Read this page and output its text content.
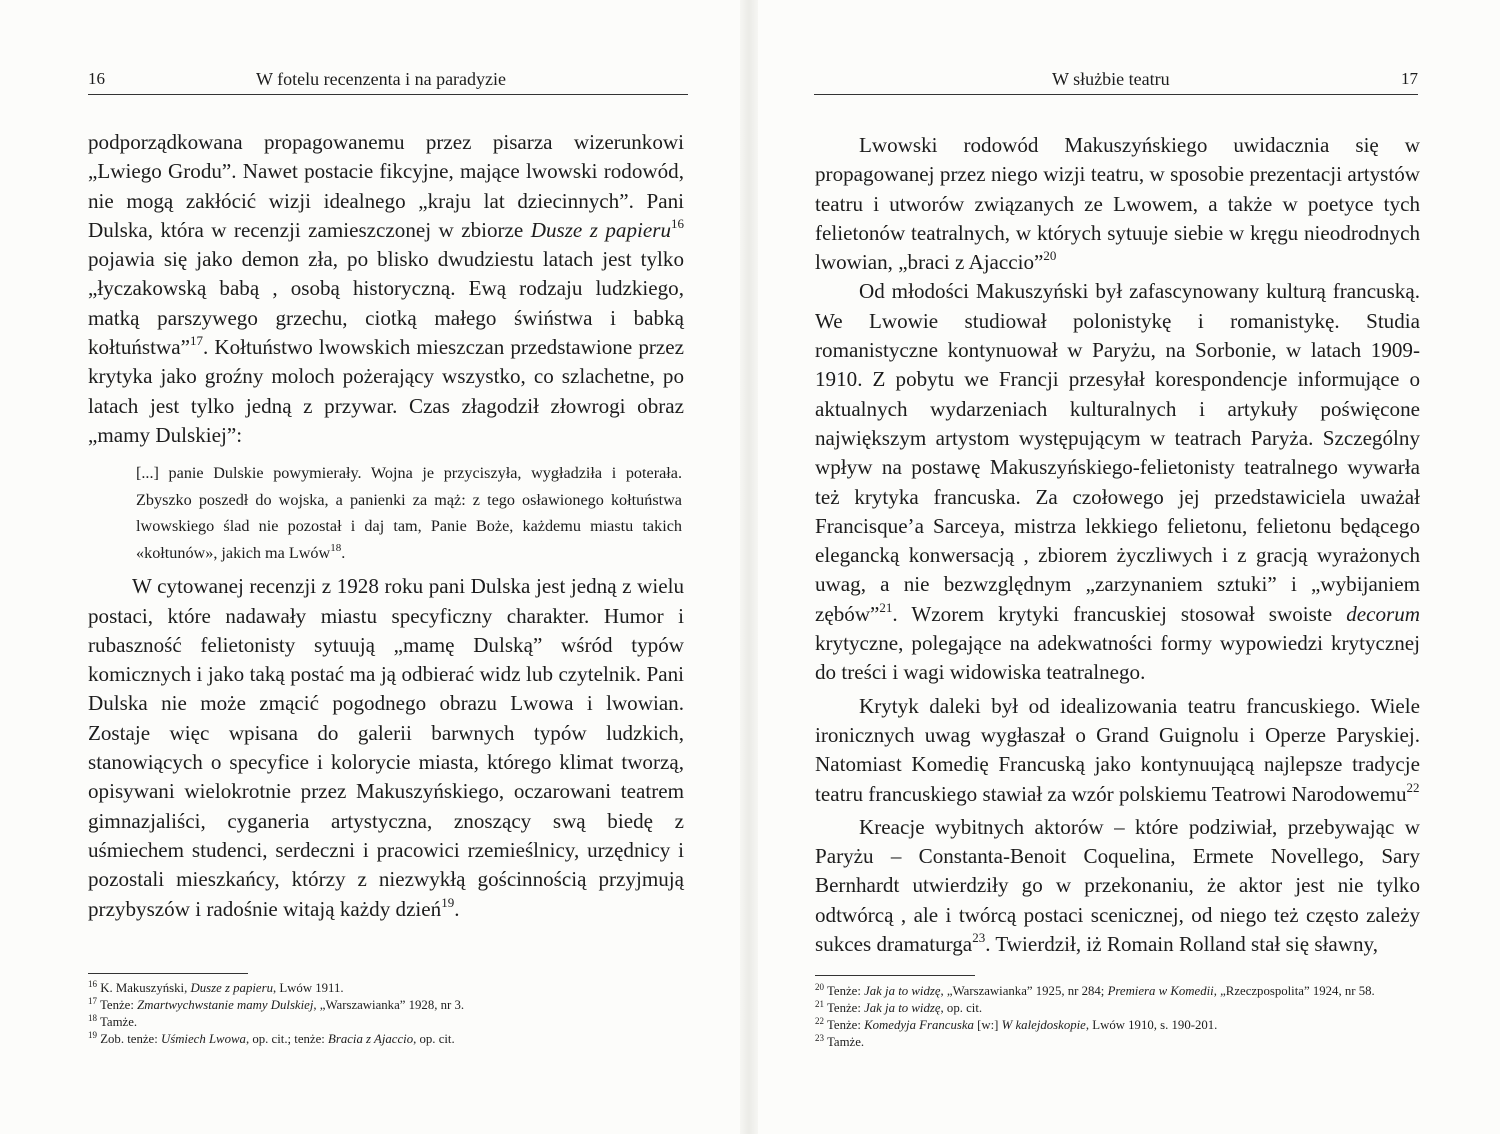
16	W fotelu recenzenta i na paradyzie

podporządkowana propagowanemu przez pisarza wizerunkowi „Lwiego Grodu”. Nawet postacie fikcyjne, mające lwowski rodowód, nie mogą zakłócić wizji idealnego „kraju lat dziecinnych”. Pani Dulska, która w recenzji zamieszczonej w zbiorze Dusze z papieru$^{16}$ pojawia się jako demon zła, po blisko dwudziestu latach jest tylko „łyczakowską babą , osobą historyczną. Ewą rodzaju ludzkiego, matką parszywego grzechu, ciotką małego świństwa i babką kołtuństwa”$^{17}$. Kołtuństwo lwowskich mieszczan przedstawione przez krytyka jako groźny moloch pożerający wszystko, co szlachetne, po latach jest tylko jedną z przywar. Czas złagodził złowrogi obraz „mamy Dulskiej”:

[...] panie Dulskie powymierały. Wojna je przyciszyła, wygładziła i poterała. Zbyszko poszedł do wojska, a panienki za mąż: z tego osławionego kołtuństwa lwowskiego ślad nie pozostał i daj tam, Panie Boże, każdemu miastu takich «kołtunów», jakich ma Lwów$^{18}$.

W cytowanej recenzji z 1928 roku pani Dulska jest jedną z wielu postaci, które nadawały miastu specyficzny charakter. Humor i rubaszność felietonisty sytuują „mamę Dulską” wśród typów komicznych i jako taką postać ma ją odbierać widz lub czytelnik. Pani Dulska nie może zmącić pogodnego obrazu Lwowa i lwowian. Zostaje więc wpisana do galerii barwnych typów ludzkich, stanowiących o specyfice i kolorycie miasta, którego klimat tworzą, opisywani wielokrotnie przez Makuszyńskiego, oczarowani teatrem gimnazjaliści, cyganeria artystyczna, znoszący swą biedę z uśmiechem studenci, serdeczni i pracowici rzemieślnicy, urzędnicy i pozostali mieszkańcy, którzy z niezwykłą gościnnością przyjmują przybyszów i radośnie witają każdy dzień$^{19}$.

$^{16}$ K. Makuszyński, Dusze z papieru, Lwów 1911.
$^{17}$ Tenże: Zmartwychwstanie mamy Dulskiej, „Warszawianka” 1928, nr 3.
$^{18}$ Tamże.
$^{19}$ Zob. tenże: Uśmiech Lwowa, op. cit.; tenże: Bracia z Ajaccio, op. cit.
W służbie teatru	17

Lwowski rodowód Makuszyńskiego uwidacznia się w propagowanej przez niego wizji teatru, w sposobie prezentacji artystów teatru i utworów związanych ze Lwowem, a także w poetyce tych felietonów teatralnych, w których sytuuje siebie w kręgu nieodrodnych lwowian, „braci z Ajaccio”$^{20}$

Od młodości Makuszyński był zafascynowany kulturą francuską. We Lwowie studiował polonistykę i romanistykę. Studia romanistyczne kontynuował w Paryżu, na Sorbonie, w latach 1909-1910. Z pobytu we Francji przesyłał korespondencje informujące o aktualnych wydarzeniach kulturalnych i artykuły poświęcone największym artystom występującym w teatrach Paryża. Szczególny wpływ na postawę Makuszyńskiego-felietonisty teatralnego wywarła też krytyka francuska. Za czołowego jej przedstawiciela uważał Francisque’a Sarceya, mistrza lekkiego felietonu, felietonu będącego elegancką konwersacją , zbiorem życzliwych i z gracją wyrażonych uwag, a nie bezwzględnym „zarzynaniem sztuki” i „wybijaniem zębów”$^{21}$. Wzorem krytyki francuskiej stosował swoiste decorum krytyczne, polegające na adekwatności formy wypowiedzi krytycznej do treści i wagi widowiska teatralnego.

Krytyk daleki był od idealizowania teatru francuskiego. Wiele ironicznych uwag wygłaszał o Grand Guignolu i Operze Paryskiej. Natomiast Komedię Francuską jako kontynuującą najlepsze tradycje teatru francuskiego stawiał za wzór polskiemu Teatrowi Narodowemu$^{22}$

Kreacje wybitnych aktorów – które podziwiał, przebywając w Paryżu – Constanta-Benoit Coquelina, Ermete Novellego, Sary Bernhardt utwierdziły go w przekonaniu, że aktor jest nie tylko odtwórcą , ale i twórcą postaci scenicznej, od niego też często zależy sukces dramaturga$^{23}$. Twierdził, iż Romain Rolland stał się sławny,

$^{20}$ Tenże: Jak ja to widzę, „Warszawianka” 1925, nr 284; Premiera w Komedii, „Rzeczpospolita” 1924, nr 58.
$^{21}$ Tenże: Jak ja to widzę, op. cit.
$^{22}$ Tenże: Komedyja Francuska [w:] W kalejdoskopie, Lwów 1910, s. 190-201.
$^{23}$ Tamże.
